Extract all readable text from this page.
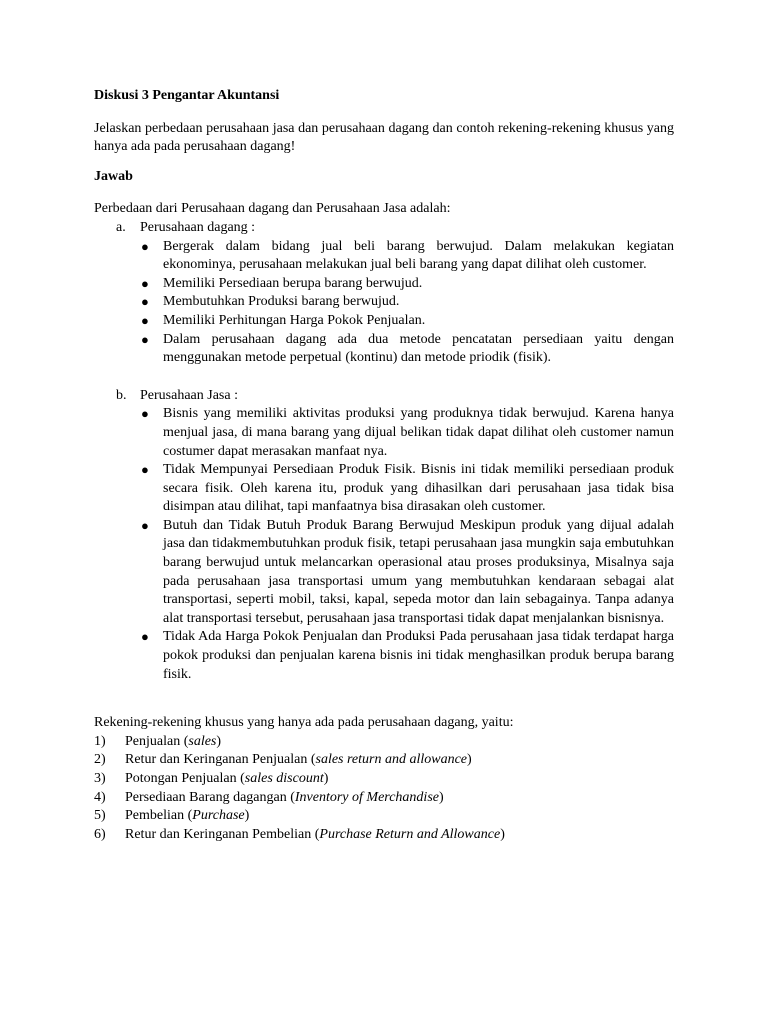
Diskusi 3 Pengantar Akuntansi

Jelaskan perbedaan perusahaan jasa dan perusahaan dagang dan contoh rekening-rekening khusus yang hanya ada pada perusahaan dagang!

Jawab

Perbedaan dari Perusahaan dagang dan Perusahaan Jasa adalah:

a. Perusahaan dagang :
● Bergerak dalam bidang jual beli barang berwujud. Dalam melakukan kegiatan ekonominya, perusahaan melakukan jual beli barang yang dapat dilihat oleh customer.
● Memiliki Persediaan berupa barang berwujud.
● Membutuhkan Produksi barang berwujud.
● Memiliki Perhitungan Harga Pokok Penjualan.
● Dalam perusahaan dagang ada dua metode pencatatan persediaan yaitu dengan menggunakan metode perpetual (kontinu) dan metode priodik (fisik).
b. Perusahaan Jasa :
● Bisnis yang memiliki aktivitas produksi yang produknya tidak berwujud. Karena hanya menjual jasa, di mana barang yang dijual belikan tidak dapat dilihat oleh customer namun costumer dapat merasakan manfaat nya.
● Tidak Mempunyai Persediaan Produk Fisik. Bisnis ini tidak memiliki persediaan produk secara fisik. Oleh karena itu, produk yang dihasilkan dari perusahaan jasa tidak bisa disimpan atau dilihat, tapi manfaatnya bisa dirasakan oleh customer.
● Butuh dan Tidak Butuh Produk Barang Berwujud Meskipun produk yang dijual adalah jasa dan tidakmembutuhkan produk fisik, tetapi perusahaan jasa mungkin saja embutuhkan barang berwujud untuk melancarkan operasional atau proses produksinya, Misalnya saja pada perusahaan jasa transportasi umum yang membutuhkan kendaraan sebagai alat transportasi, seperti mobil, taksi, kapal, sepeda motor dan lain sebagainya. Tanpa adanya alat transportasi tersebut, perusahaan jasa transportasi tidak dapat menjalankan bisnisnya.
● Tidak Ada Harga Pokok Penjualan dan Produksi Pada perusahaan jasa tidak terdapat harga pokok produksi dan penjualan karena bisnis ini tidak menghasilkan produk berupa barang fisik.

Rekening-rekening khusus yang hanya ada pada perusahaan dagang, yaitu:

1)	Penjualan (sales)
2)	Retur dan Keringanan Penjualan (sales return and allowance)
3)	Potongan Penjualan (sales discount)
4)	Persediaan Barang dagangan (Inventory of Merchandise)
5)	Pembelian (Purchase)
6)	Retur dan Keringanan Pembelian (Purchase Return and Allowance)
